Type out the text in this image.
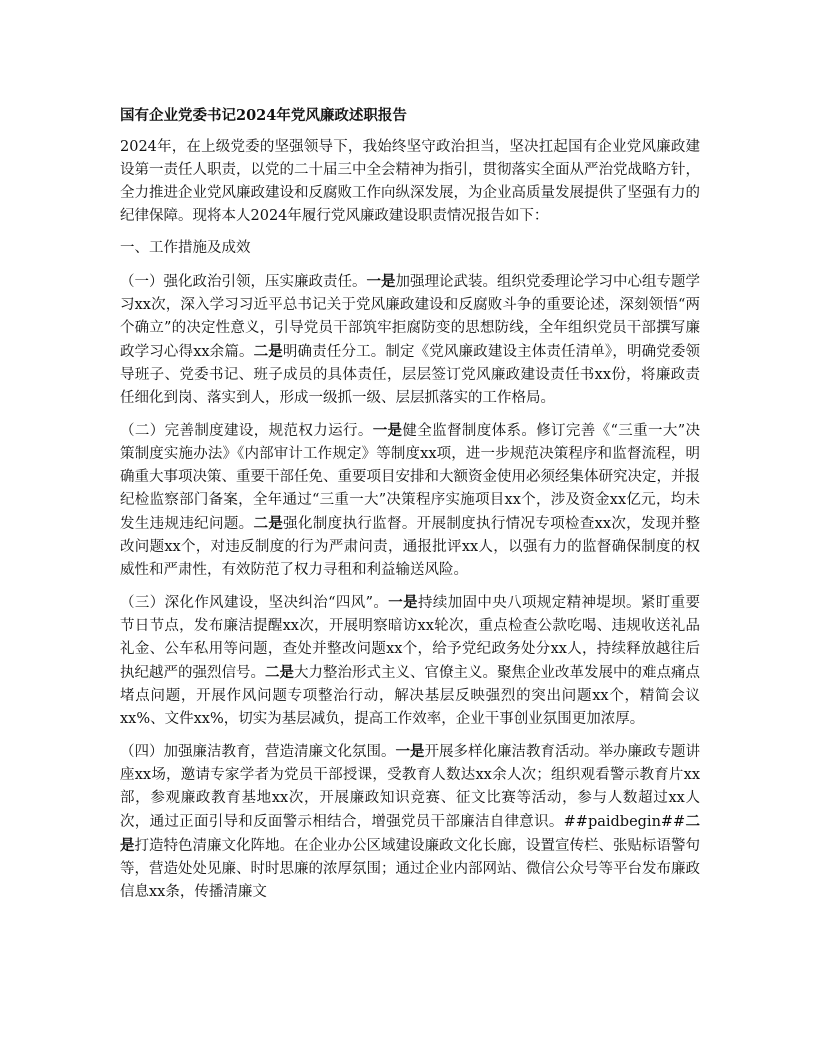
国有企业党委书记2024年党风廉政述职报告

2024年，在上级党委的坚强领导下，我始终坚守政治担当，坚决扛起国有企业党风廉政建设第一责任人职责，以党的二十届三中全会精神为指引，贯彻落实全面从严治党战略方针，全力推进企业党风廉政建设和反腐败工作向纵深发展，为企业高质量发展提供了坚强有力的纪律保障。现将本人2024年履行党风廉政建设职责情况报告如下：

一、工作措施及成效

（一）强化政治引领，压实廉政责任。一是加强理论武装。组织党委理论学习中心组专题学习xx次，深入学习习近平总书记关于党风廉政建设和反腐败斗争的重要论述，深刻领悟“两个确立”的决定性意义，引导党员干部筑牢拒腐防变的思想防线，全年组织党员干部撰写廉政学习心得xx余篇。二是明确责任分工。制定《党风廉政建设主体责任清单》，明确党委领导班子、党委书记、班子成员的具体责任，层层签订党风廉政建设责任书xx份，将廉政责任细化到岗、落实到人，形成一级抓一级、层层抓落实的工作格局。

（二）完善制度建设，规范权力运行。一是健全监督制度体系。修订完善《“三重一大”决策制度实施办法》《内部审计工作规定》等制度xx项，进一步规范决策程序和监督流程，明确重大事项决策、重要干部任免、重要项目安排和大额资金使用必须经集体研究决定，并报纪检监察部门备案，全年通过“三重一大”决策程序实施项目xx个，涉及资金xx亿元，均未发生违规违纪问题。二是强化制度执行监督。开展制度执行情况专项检查xx次，发现并整改问题xx个，对违反制度的行为严肃问责，通报批评xx人，以强有力的监督确保制度的权威性和严肃性，有效防范了权力寻租和利益输送风险。

（三）深化作风建设，坚决纠治“四风”。一是持续加固中央八项规定精神堤坝。紧盯重要节日节点，发布廉洁提醒xx次，开展明察暗访xx轮次，重点检查公款吃喝、违规收送礼品礼金、公车私用等问题，查处并整改问题xx个，给予党纪政务处分xx人，持续释放越往后执纪越严的强烈信号。二是大力整治形式主义、官僚主义。聚焦企业改革发展中的难点痛点堵点问题，开展作风问题专项整治行动，解决基层反映强烈的突出问题xx个，精简会议xx%、文件xx%，切实为基层减负，提高工作效率，企业干事创业氛围更加浓厚。

（四）加强廉洁教育，营造清廉文化氛围。一是开展多样化廉洁教育活动。举办廉政专题讲座xx场，邀请专家学者为党员干部授课，受教育人数达xx余人次；组织观看警示教育片xx部，参观廉政教育基地xx次，开展廉政知识竞赛、征文比赛等活动，参与人数超过xx人次，通过正面引导和反面警示相结合，增强党员干部廉洁自律意识。##paidbegin##二是打造特色清廉文化阵地。在企业办公区域建设廉政文化长廊，设置宣传栏、张贴标语警句等，营造处处见廉、时时思廉的浓厚氛围；通过企业内部网站、微信公众号等平台发布廉政信息xx条，传播清廉文
